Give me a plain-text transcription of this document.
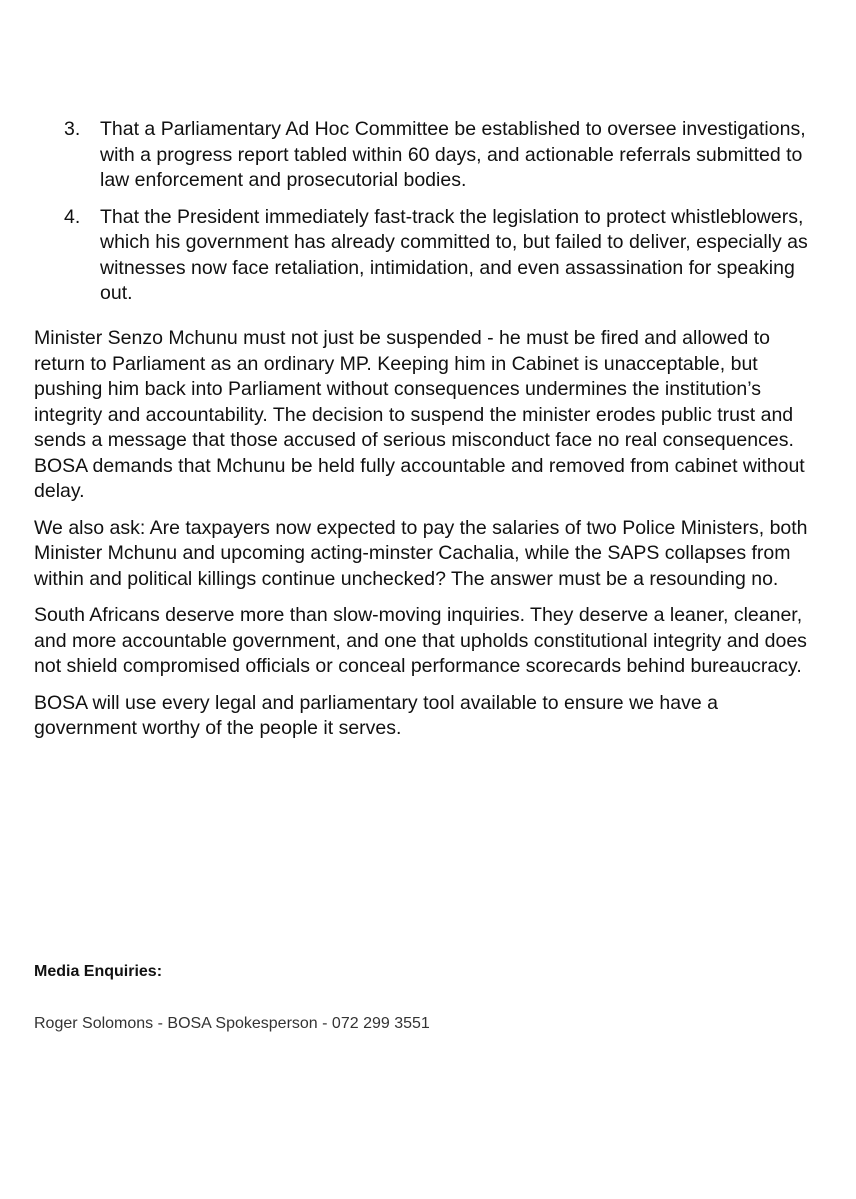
3. That a Parliamentary Ad Hoc Committee be established to oversee investigations, with a progress report tabled within 60 days, and actionable referrals submitted to law enforcement and prosecutorial bodies.
4. That the President immediately fast-track the legislation to protect whistleblowers, which his government has already committed to, but failed to deliver, especially as witnesses now face retaliation, intimidation, and even assassination for speaking out.

Minister Senzo Mchunu must not just be suspended - he must be fired and allowed to return to Parliament as an ordinary MP. Keeping him in Cabinet is unacceptable, but pushing him back into Parliament without consequences undermines the institution’s integrity and accountability. The decision to suspend the minister erodes public trust and sends a message that those accused of serious misconduct face no real consequences. BOSA demands that Mchunu be held fully accountable and removed from cabinet without delay.

We also ask: Are taxpayers now expected to pay the salaries of two Police Ministers, both Minister Mchunu and upcoming acting-minster Cachalia, while the SAPS collapses from within and political killings continue unchecked? The answer must be a resounding no.

South Africans deserve more than slow-moving inquiries. They deserve a leaner, cleaner, and more accountable government, and one that upholds constitutional integrity and does not shield compromised officials or conceal performance scorecards behind bureaucracy.

BOSA will use every legal and parliamentary tool available to ensure we have a government worthy of the people it serves.

Media Enquiries:

Roger Solomons - BOSA Spokesperson - 072 299 3551
